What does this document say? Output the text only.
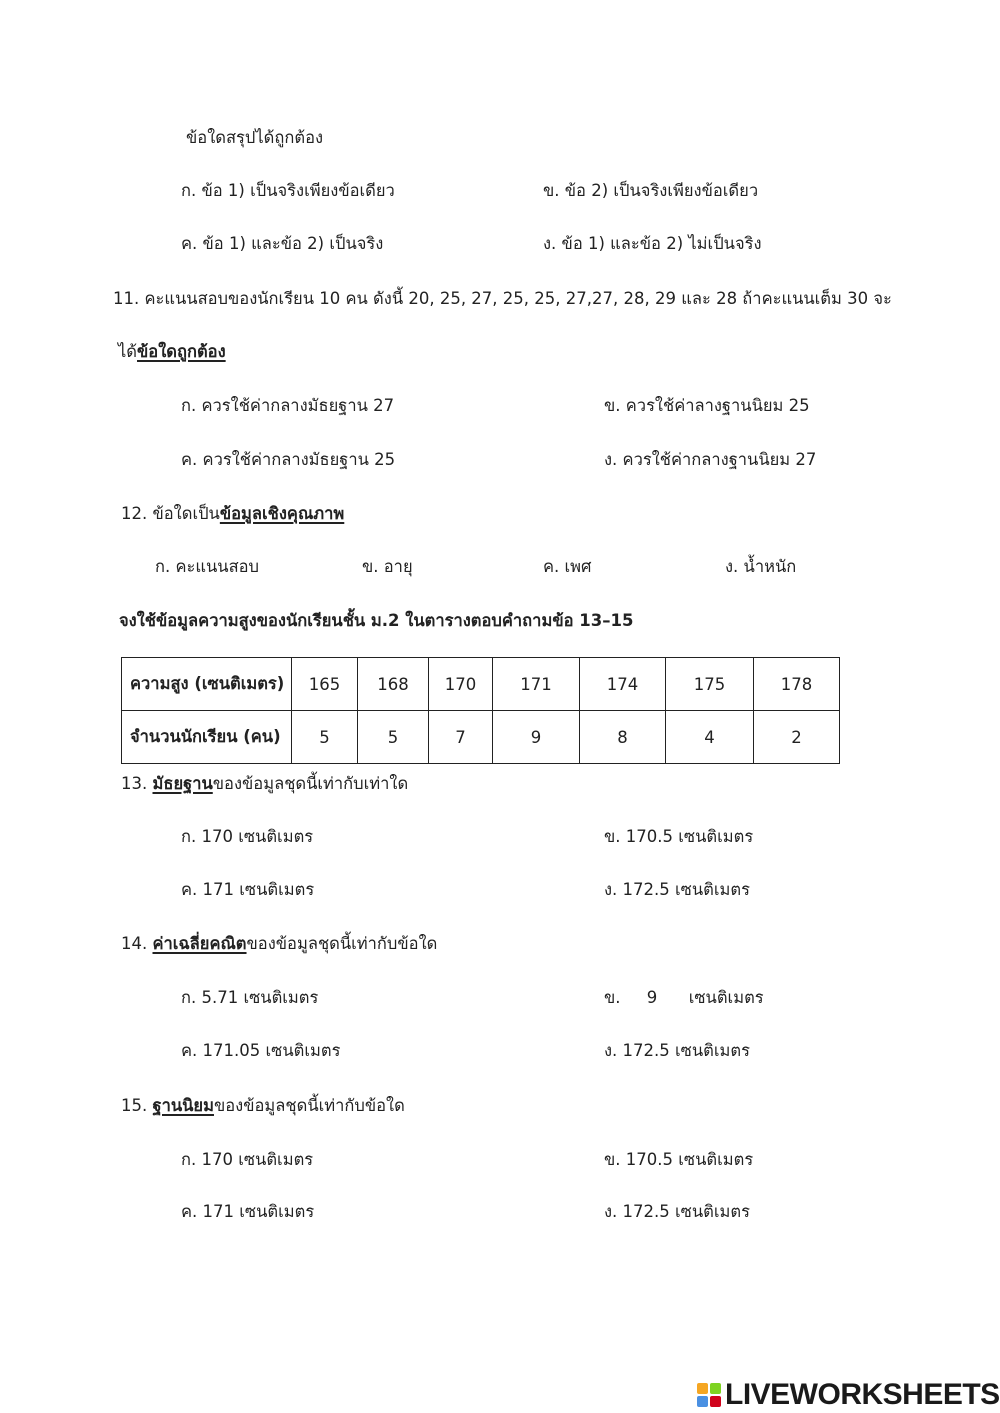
ข้อใดสรุปได้ถูกต้อง
ก. ข้อ 1) เป็นจริงเพียงข้อเดียว	ข. ข้อ 2) เป็นจริงเพียงข้อเดียว
ค. ข้อ 1) และข้อ 2) เป็นจริง	ง. ข้อ 1) และข้อ 2) ไม่เป็นจริง
11. คะแนนสอบของนักเรียน 10 คน ดังนี้ 20, 25, 27, 25, 25, 27,27, 28, 29 และ 28 ถ้าคะแนนเต็ม 30 จะ
ได้ข้อใดถูกต้อง
ก. ควรใช้ค่ากลางมัธยฐาน 27	ข. ควรใช้ค่าลางฐานนิยม 25
ค. ควรใช้ค่ากลางมัธยฐาน 25	ง. ควรใช้ค่ากลางฐานนิยม 27
12. ข้อใดเป็นข้อมูลเชิงคุณภาพ
ก. คะแนนสอบ	ข. อายุ	ค. เพศ	ง. น้ำหนัก
จงใช้ข้อมูลความสูงของนักเรียนชั้น ม.2 ในตารางตอบคำถามข้อ 13–15
ความสูง (เซนติเมตร)	165	168	170	171	174	175	178
จำนวนนักเรียน (คน)	5	5	7	9	8	4	2
13. มัธยฐานของข้อมูลชุดนี้เท่ากับเท่าใด
ก. 170 เซนติเมตร	ข. 170.5 เซนติเมตร
ค. 171 เซนติเมตร	ง. 172.5 เซนติเมตร
14. ค่าเฉลี่ยคณิตของข้อมูลชุดนี้เท่ากับข้อใด
ก. 5.71 เซนติเมตร	ข.     9      เซนติเมตร
ค. 171.05 เซนติเมตร	ง. 172.5 เซนติเมตร
15. ฐานนิยมของข้อมูลชุดนี้เท่ากับข้อใด
ก. 170 เซนติเมตร	ข. 170.5 เซนติเมตร
ค. 171 เซนติเมตร	ง. 172.5 เซนติเมตร
LIVEWORKSHEETS
